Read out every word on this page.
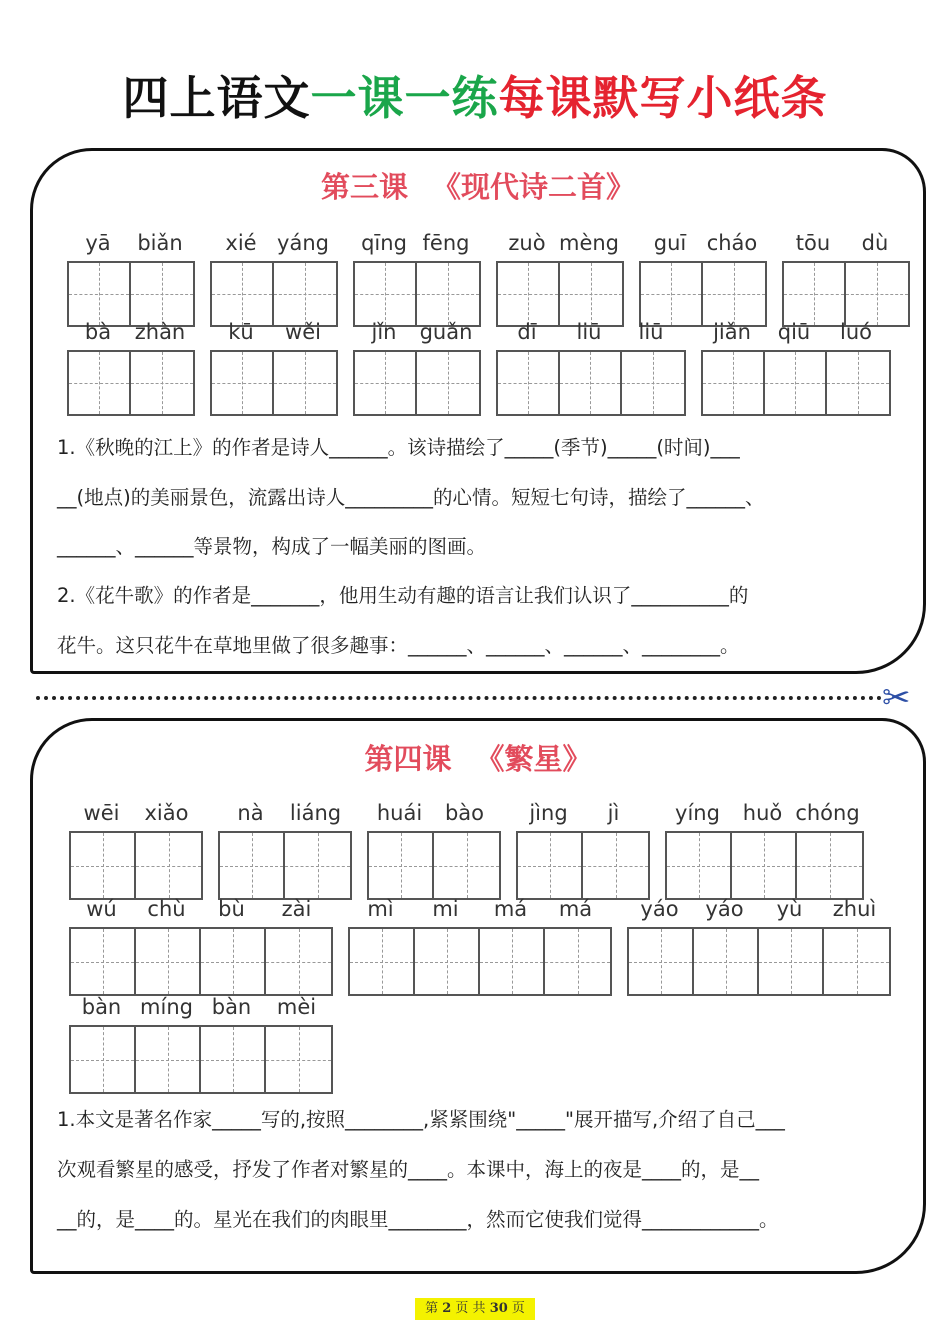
四上语文一课一练每课默写小纸条
第三课 《现代诗二首》
yā	biǎn	xié yáng	qīng fēng	zuò mèng	guī cháo	tōu	dù
bà	zhàn	kū	wěi	jǐn	guǎn	dī	liū	liū	jiǎn	qiū	luó
1.《秋晚的江上》的作者是诗人______。该诗描绘了_____(季节)_____(时间)___
__(地点)的美丽景色，流露出诗人_________的心情。短短七句诗，描绘了______、
______、______等景物，构成了一幅美丽的图画。
2.《花牛歌》的作者是_______，他用生动有趣的语言让我们认识了__________的
花牛。这只花牛在草地里做了很多趣事：______、______、______、________。
✂
第四课 《繁星》
wēi	xiǎo	nà	liáng	huái	bào	jìng	jì	yíng	huǒ chóng
wú	chù	bù	zài	mì	mi	má	má	yáo	yáo	yù	zhuì
bàn míng bàn	mèi
1.本文是著名作家_____写的,按照________,紧紧围绕"_____"展开描写,介绍了自己___
次观看繁星的感受，抒发了作者对繁星的____。本课中，海上的夜是____的，是__
__的，是____的。星光在我们的肉眼里________，然而它使我们觉得____________。
第 2 页 共 30 页
